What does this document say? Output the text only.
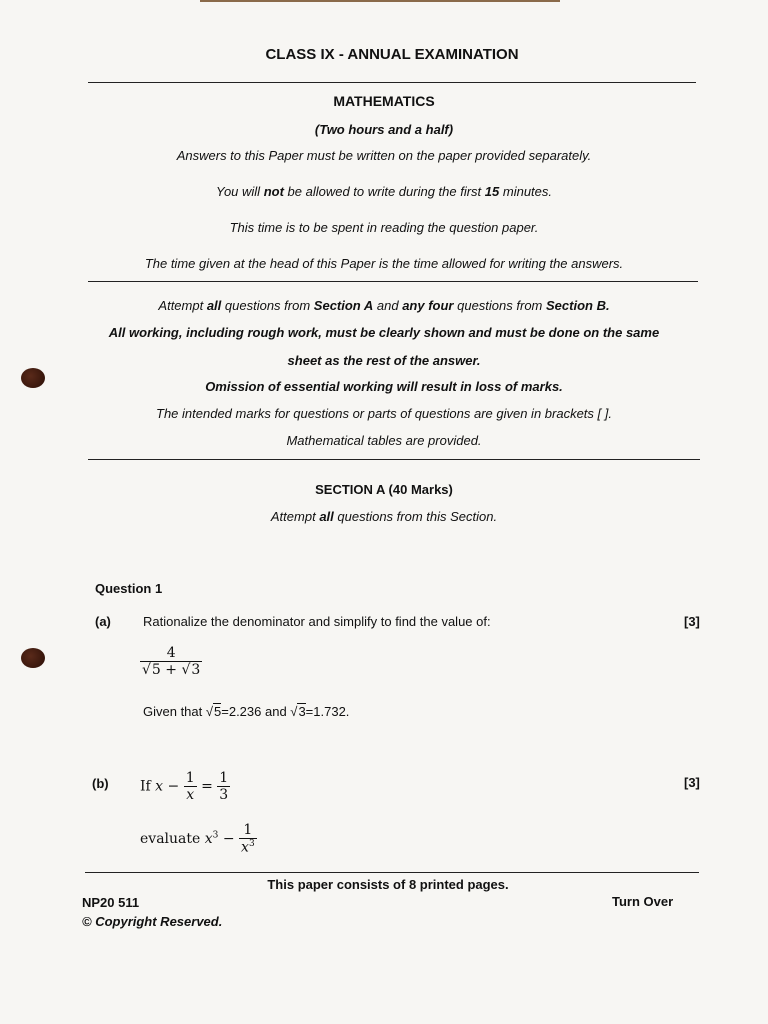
CLASS IX - ANNUAL EXAMINATION
MATHEMATICS
(Two hours and a half)
Answers to this Paper must be written on the paper provided separately.
You will not be allowed to write during the first 15 minutes.
This time is to be spent in reading the question paper.
The time given at the head of this Paper is the time allowed for writing the answers.
Attempt all questions from Section A and any four questions from Section B.
All working, including rough work, must be clearly shown and must be done on the same
sheet as the rest of the answer.
Omission of essential working will result in loss of marks.
The intended marks for questions or parts of questions are given in brackets [ ].
Mathematical tables are provided.
SECTION A (40 Marks)
Attempt all questions from this Section.
Question 1
(a) Rationalize the denominator and simplify to find the value of:	[3]
$\frac{4}{√5 + √3}$
Given that √5=2.236 and √3=1.732.
(b) If $x - \frac{1}{x} = \frac{1}{3}$	[3]
evaluate $x^3 - \frac{1}{x^3}$
This paper consists of 8 printed pages.
NP20 511
© Copyright Reserved.
Turn Over
